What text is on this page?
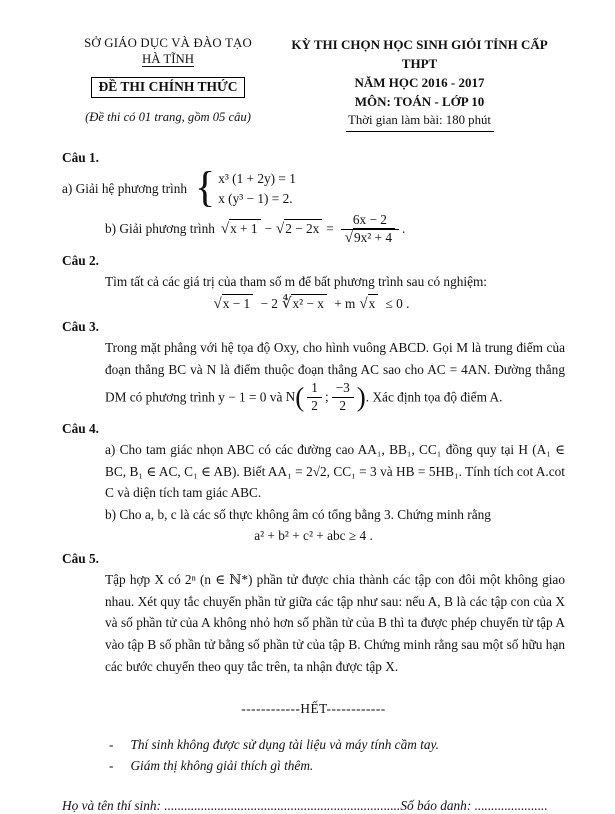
SỞ GIÁO DỤC VÀ ĐÀO TẠO
HÀ TĨNH
ĐỀ THI CHÍNH THỨC
(Đề thi có 01 trang, gồm 05 câu)
KỲ THI CHỌN HỌC SINH GIỎI TỈNH CẤP THPT
NĂM HỌC 2016 - 2017
MÔN: TOÁN - LỚP 10
Thời gian làm bài: 180 phút
Câu 1.
a) Giải hệ phương trình { x³ (1 + 2y) = 1
x (y³ − 1) = 2.
b) Giải phương trình $√x + 1 - √2 - 2x = \frac{6x - 2}{\text{√9x² + 4}}$ .
Câu 2.
Tìm tất cả các giá trị của tham số m để bất phương trình sau có nghiệm:
√x − 1 − 2 ∜x² − x + m √x ≤ 0 .
Câu 3.
Trong mặt phẳng với hệ tọa độ Oxy, cho hình vuông ABCD. Gọi M là trung điểm của đoạn thẳng BC và N là điểm thuộc đoạn thẳng AC sao cho AC = 4AN. Đường thẳng DM có phương trình y − 1 = 0 và N ( $\frac{1}{2}$ ; $\frac{-3}{2}$ ) . Xác định tọa độ điểm A.
Câu 4.
a) Cho tam giác nhọn ABC có các đường cao AA₁, BB₁, CC₁ đồng quy tại H (A₁ ∈ BC, B₁ ∈ AC, C₁ ∈ AB). Biết AA₁ = 2√2, CC₁ = 3 và HB = 5HB₁. Tính tích cot A.cot C và diện tích tam giác ABC.
b) Cho a, b, c là các số thực không âm có tổng bằng 3. Chứng minh rằng
a² + b² + c² + abc ≥ 4 .
Câu 5.
Tập hợp X có 2ⁿ (n ∈ ℕ*) phần tử được chia thành các tập con đôi một không giao nhau. Xét quy tắc chuyển phần tử giữa các tập như sau: nếu A, B là các tập con của X và số phần tử của A không nhỏ hơn số phần tử của B thì ta được phép chuyển từ tập A vào tập B số phần tử bằng số phần tử của tập B. Chứng minh rằng sau một số hữu hạn các bước chuyển theo quy tắc trên, ta nhận được tập X.
------------HẾT------------
- Thí sinh không được sử dụng tài liệu và máy tính cầm tay.
- Giám thị không giải thích gì thêm.
Họ và tên thí sinh: ....................................................................... Số báo danh: ......................
